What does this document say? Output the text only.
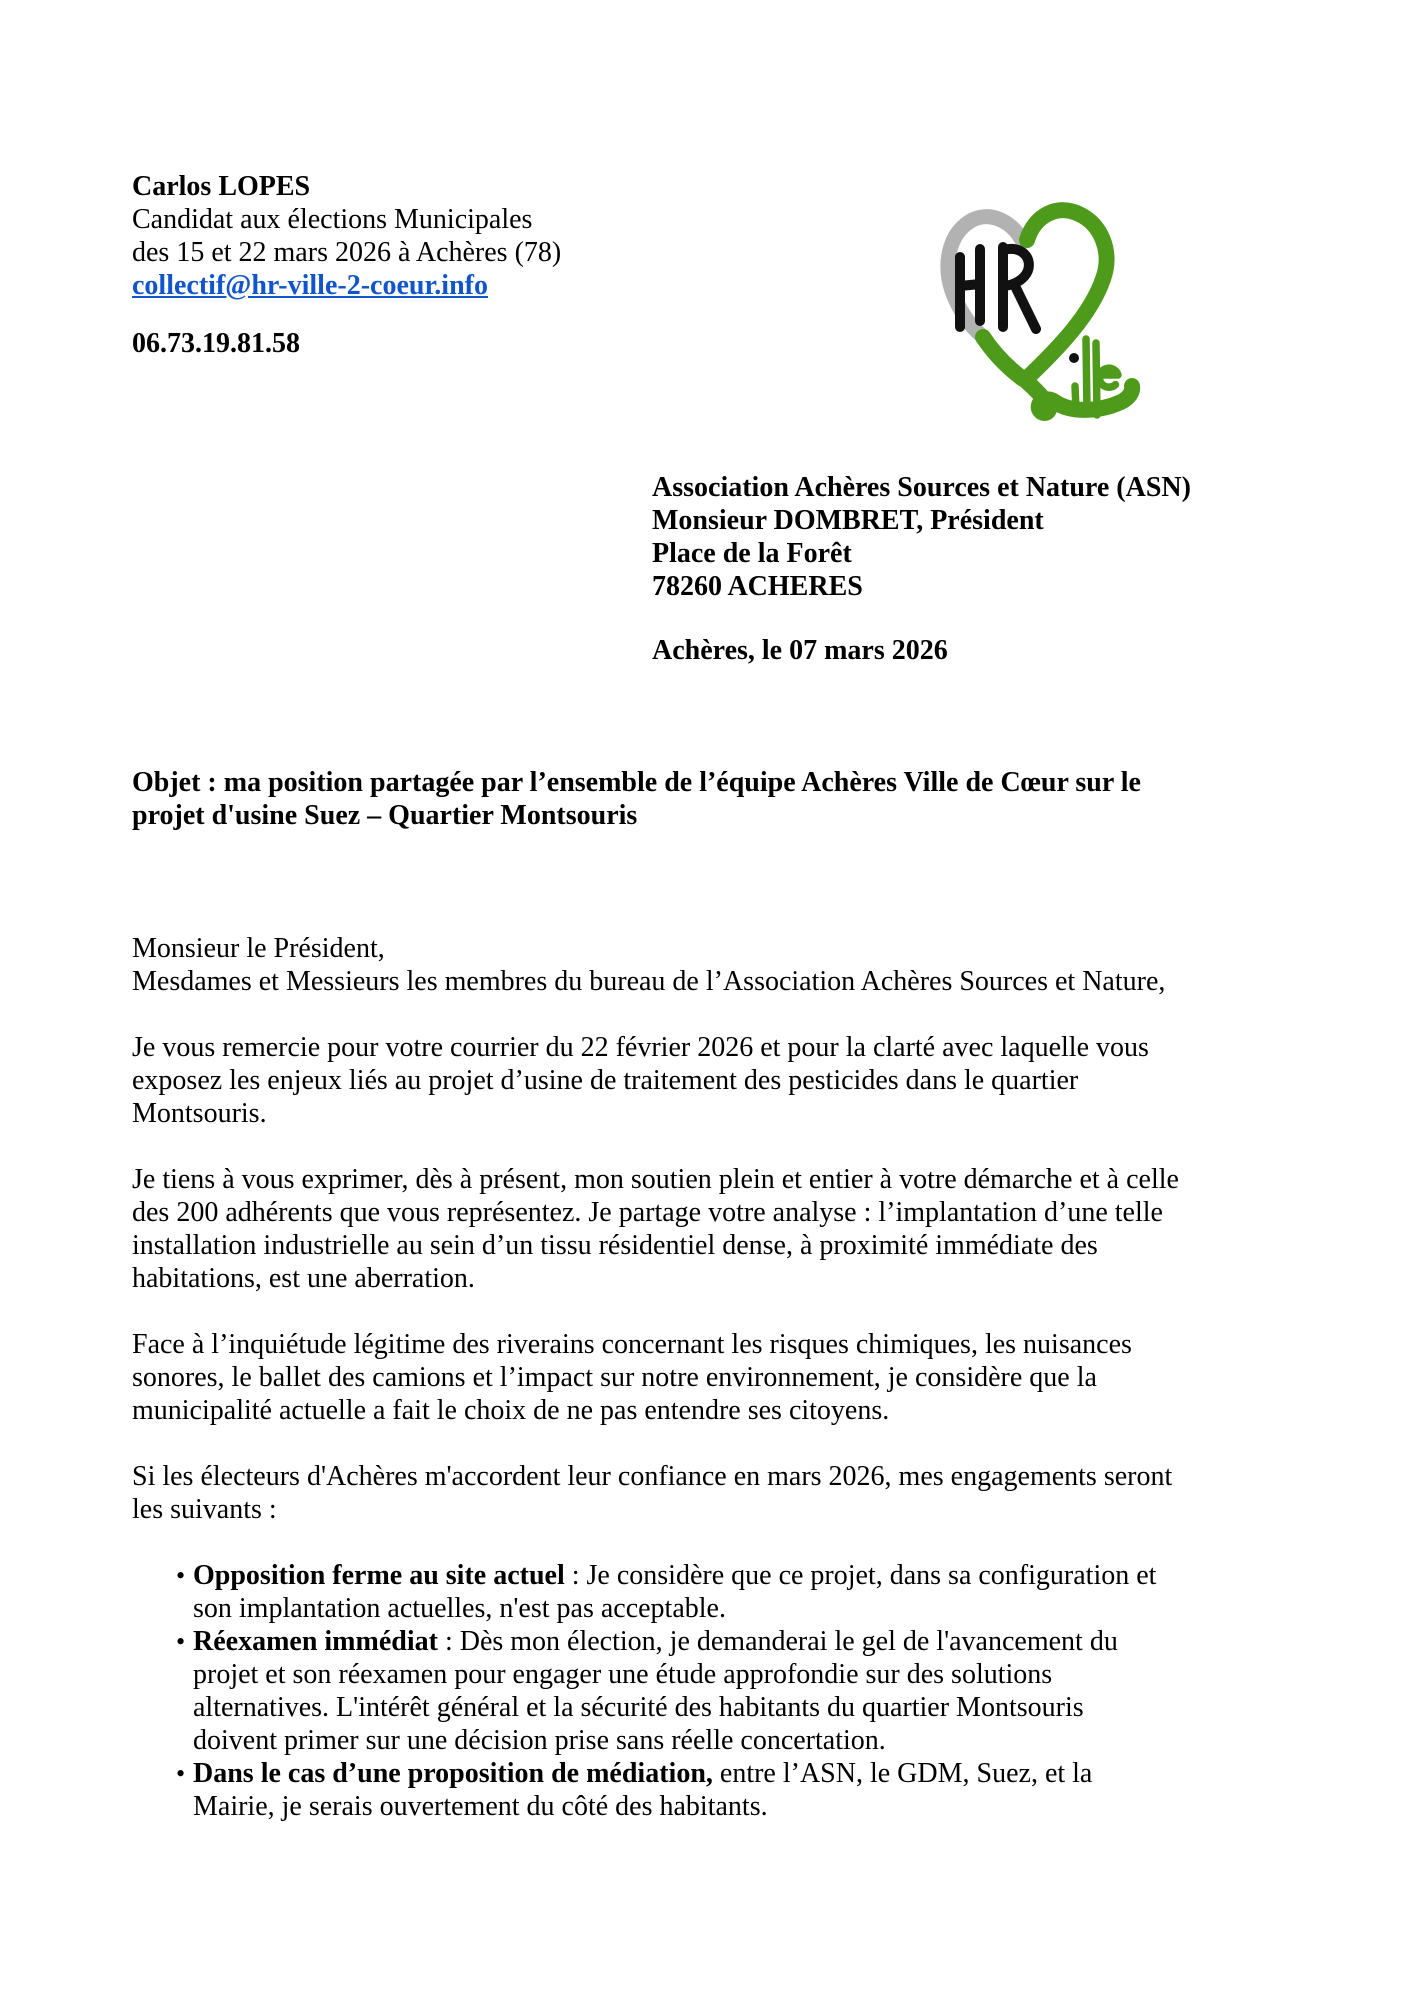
Carlos LOPES
Candidat aux élections Municipales
des 15 et 22 mars 2026 à Achères (78)
collectif@hr-ville-2-coeur.info
06.73.19.81.58
Association Achères Sources et Nature (ASN)
Monsieur DOMBRET, Président
Place de la Forêt
78260 ACHERES
Achères, le 07 mars 2026
Objet : ma position partagée par l’ensemble de l’équipe Achères Ville de Cœur sur le
projet d'usine Suez – Quartier Montsouris
Monsieur le Président,
Mesdames et Messieurs les membres du bureau de l’Association Achères Sources et Nature,
Je vous remercie pour votre courrier du 22 février 2026 et pour la clarté avec laquelle vous
exposez les enjeux liés au projet d’usine de traitement des pesticides dans le quartier
Montsouris.
Je tiens à vous exprimer, dès à présent, mon soutien plein et entier à votre démarche et à celle
des 200 adhérents que vous représentez. Je partage votre analyse : l’implantation d’une telle
installation industrielle au sein d’un tissu résidentiel dense, à proximité immédiate des
habitations, est une aberration.
Face à l’inquiétude légitime des riverains concernant les risques chimiques, les nuisances
sonores, le ballet des camions et l’impact sur notre environnement, je considère que la
municipalité actuelle a fait le choix de ne pas entendre ses citoyens.
Si les électeurs d'Achères m'accordent leur confiance en mars 2026, mes engagements seront
les suivants :
• Opposition ferme au site actuel : Je considère que ce projet, dans sa configuration et
son implantation actuelles, n'est pas acceptable.
• Réexamen immédiat : Dès mon élection, je demanderai le gel de l'avancement du
projet et son réexamen pour engager une étude approfondie sur des solutions
alternatives. L'intérêt général et la sécurité des habitants du quartier Montsouris
doivent primer sur une décision prise sans réelle concertation.
• Dans le cas d’une proposition de médiation, entre l’ASN, le GDM, Suez, et la
Mairie, je serais ouvertement du côté des habitants.
